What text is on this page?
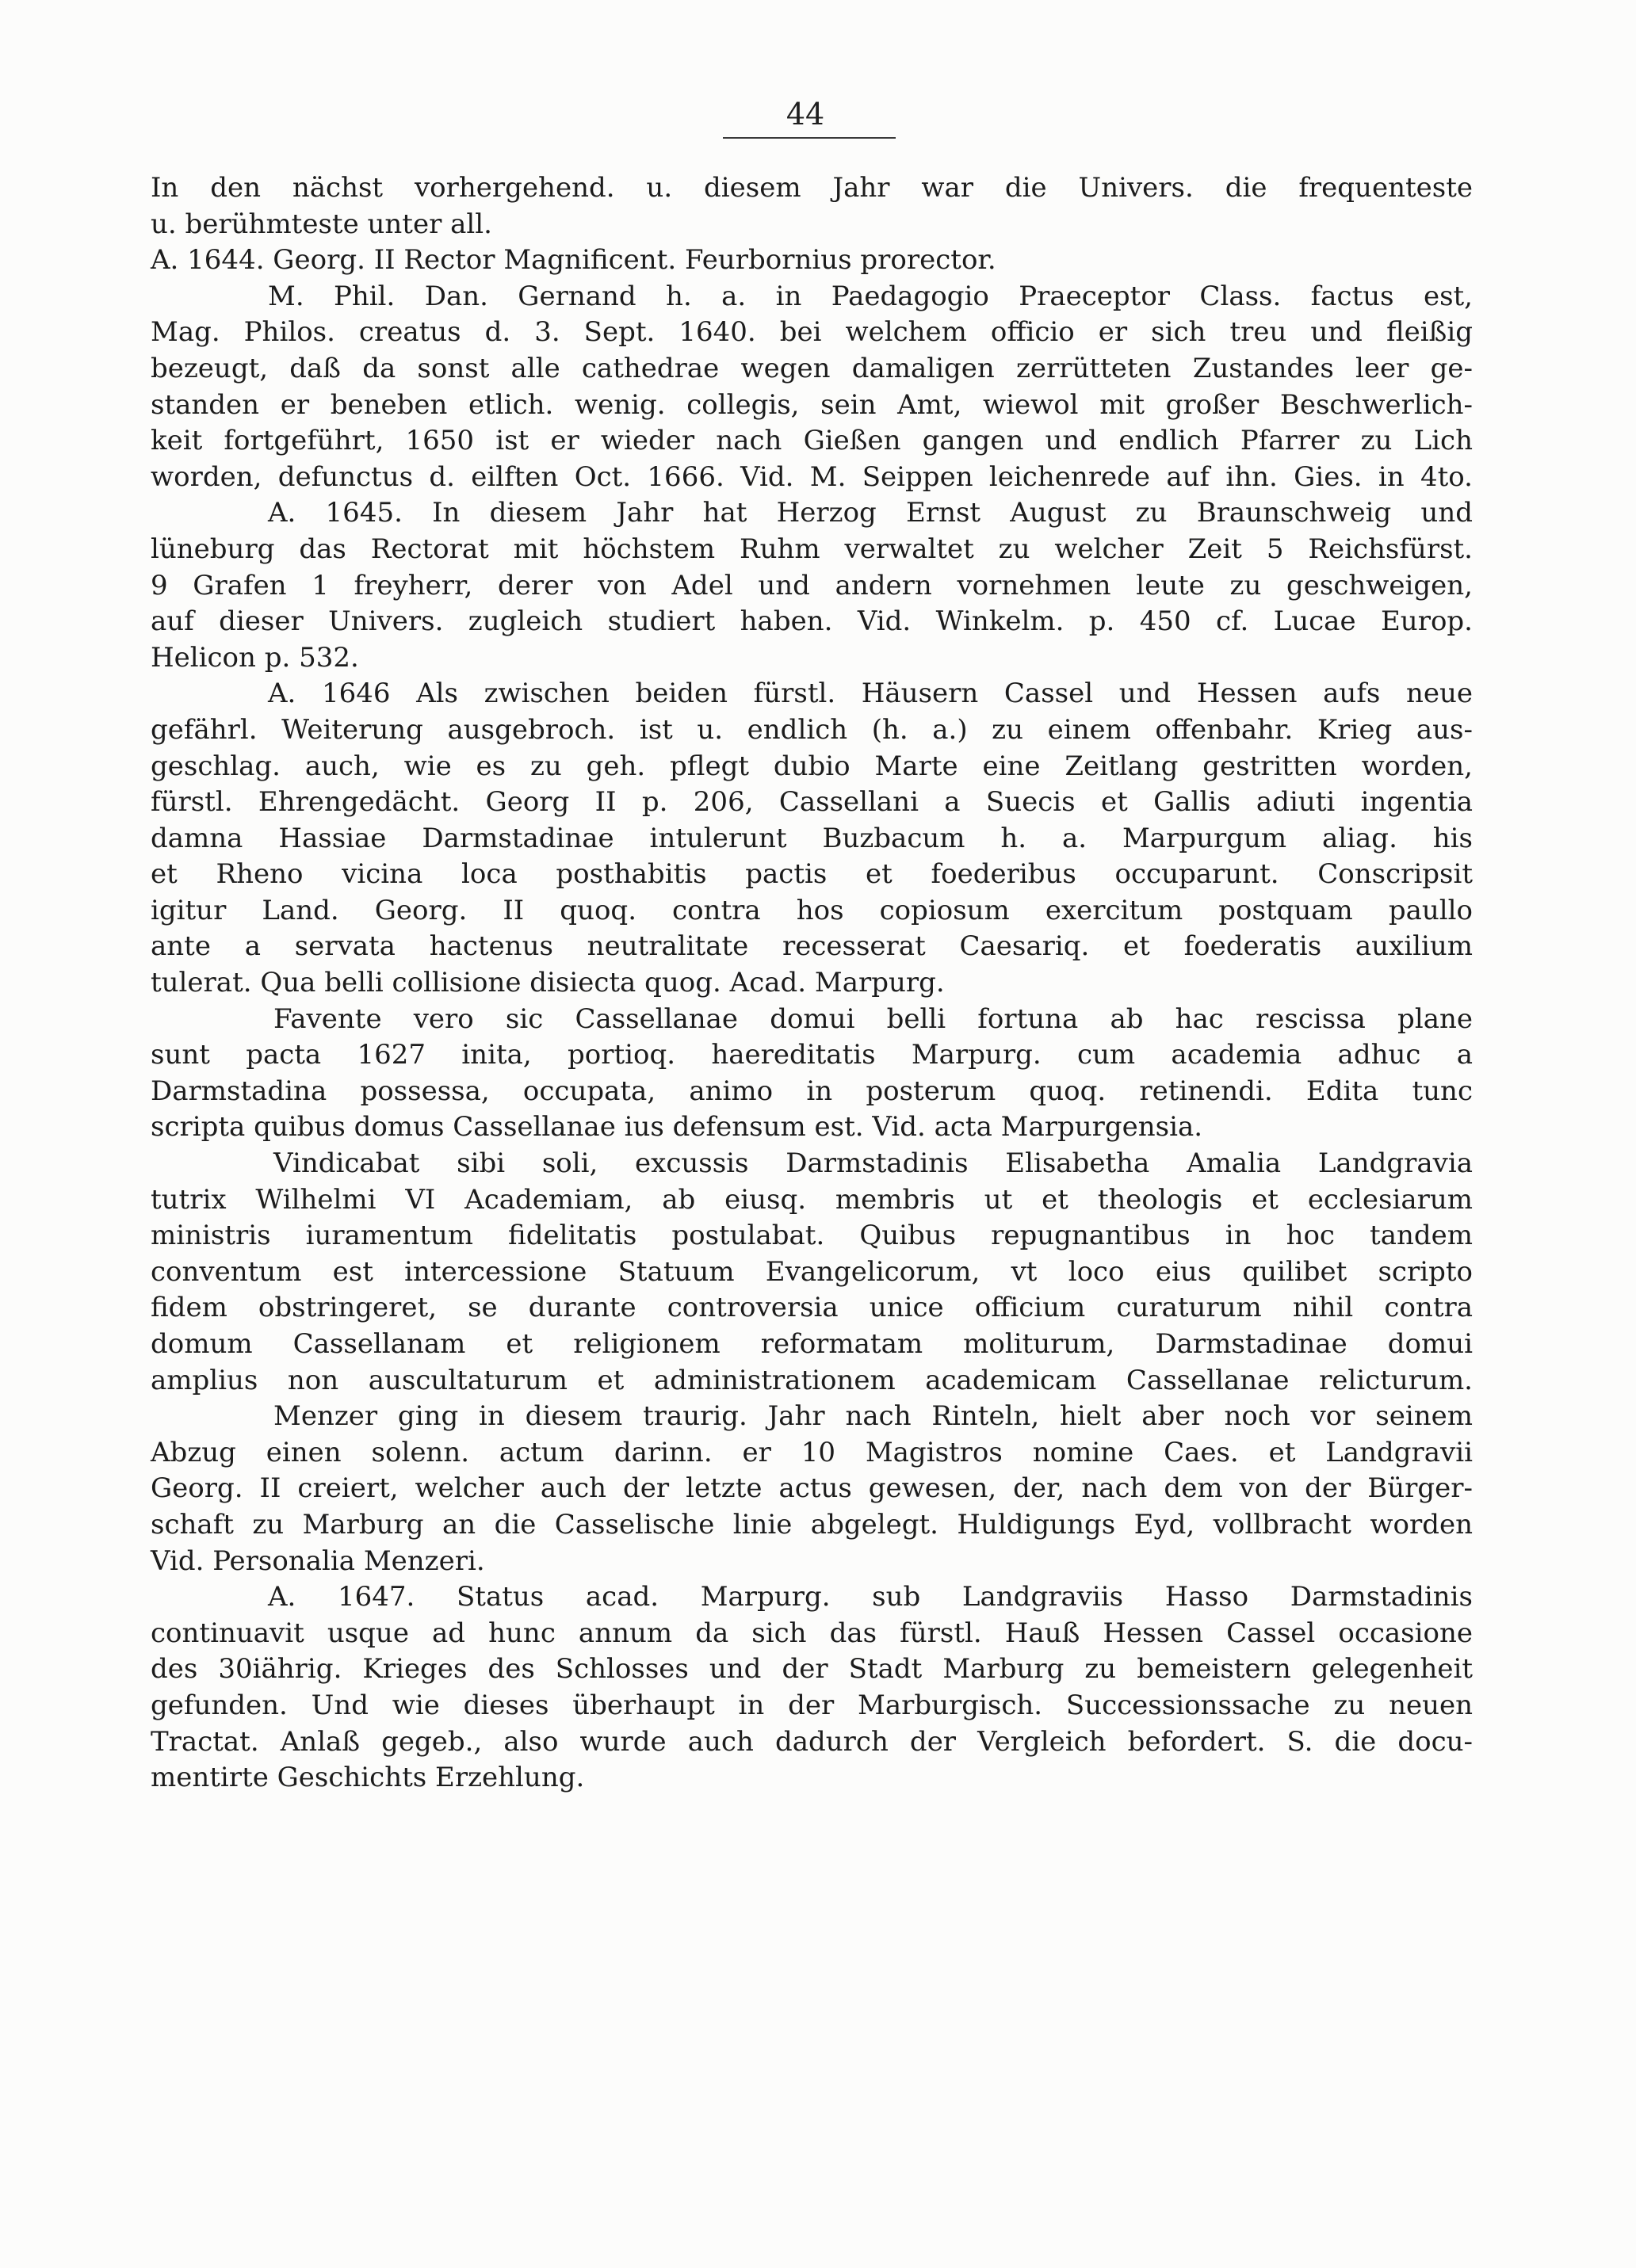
44
In den nächst vorhergehend. u. diesem Jahr war die Univers. die frequenteste
u. berühmteste unter all.
A. 1644. Georg. II Rector Magnificent. Feurbornius prorector.
M. Phil. Dan. Gernand h. a. in Paedagogio Praeceptor Class. factus est,
Mag. Philos. creatus d. 3. Sept. 1640. bei welchem officio er sich treu und fleißig
bezeugt, daß da sonst alle cathedrae wegen damaligen zerrütteten Zustandes leer ge-
standen er beneben etlich. wenig. collegis, sein Amt, wiewol mit großer Beschwerlich-
keit fortgeführt, 1650 ist er wieder nach Gießen gangen und endlich Pfarrer zu Lich
worden, defunctus d. eilften Oct. 1666. Vid. M. Seippen leichenrede auf ihn. Gies. in 4to.
A. 1645. In diesem Jahr hat Herzog Ernst August zu Braunschweig und
lüneburg das Rectorat mit höchstem Ruhm verwaltet zu welcher Zeit 5 Reichsfürst.
9 Grafen 1 freyherr, derer von Adel und andern vornehmen leute zu geschweigen,
auf dieser Univers. zugleich studiert haben. Vid. Winkelm. p. 450 cf. Lucae Europ.
Helicon p. 532.
A. 1646 Als zwischen beiden fürstl. Häusern Cassel und Hessen aufs neue
gefährl. Weiterung ausgebroch. ist u. endlich (h. a.) zu einem offenbahr. Krieg aus-
geschlag. auch, wie es zu geh. pflegt dubio Marte eine Zeitlang gestritten worden,
fürstl. Ehrengedächt. Georg II p. 206, Cassellani a Suecis et Gallis adiuti ingentia
damna Hassiae Darmstadinae intulerunt Buzbacum h. a. Marpurgum aliag. his
et Rheno vicina loca posthabitis pactis et foederibus occuparunt. Conscripsit
igitur Land. Georg. II quoq. contra hos copiosum exercitum postquam paullo
ante a servata hactenus neutralitate recesserat Caesariq. et foederatis auxilium
tulerat. Qua belli collisione disiecta quog. Acad. Marpurg.
Favente vero sic Cassellanae domui belli fortuna ab hac rescissa plane
sunt pacta 1627 inita, portioq. haereditatis Marpurg. cum academia adhuc a
Darmstadina possessa, occupata, animo in posterum quoq. retinendi. Edita tunc
scripta quibus domus Cassellanae ius defensum est. Vid. acta Marpurgensia.
Vindicabat sibi soli, excussis Darmstadinis Elisabetha Amalia Landgravia
tutrix Wilhelmi VI Academiam, ab eiusq. membris ut et theologis et ecclesiarum
ministris iuramentum fidelitatis postulabat. Quibus repugnantibus in hoc tandem
conventum est intercessione Statuum Evangelicorum, vt loco eius quilibet scripto
fidem obstringeret, se durante controversia unice officium curaturum nihil contra
domum Cassellanam et religionem reformatam moliturum, Darmstadinae domui
amplius non auscultaturum et administrationem academicam Cassellanae relicturum.
Menzer ging in diesem traurig. Jahr nach Rinteln, hielt aber noch vor seinem
Abzug einen solenn. actum darinn. er 10 Magistros nomine Caes. et Landgravii
Georg. II creiert, welcher auch der letzte actus gewesen, der, nach dem von der Bürger-
schaft zu Marburg an die Casselische linie abgelegt. Huldigungs Eyd, vollbracht worden
Vid. Personalia Menzeri.
A. 1647. Status acad. Marpurg. sub Landgraviis Hasso Darmstadinis
continuavit usque ad hunc annum da sich das fürstl. Hauß Hessen Cassel occasione
des 30iährig. Krieges des Schlosses und der Stadt Marburg zu bemeistern gelegenheit
gefunden. Und wie dieses überhaupt in der Marburgisch. Successionssache zu neuen
Tractat. Anlaß gegeb., also wurde auch dadurch der Vergleich befordert. S. die docu-
mentirte Geschichts Erzehlung.
